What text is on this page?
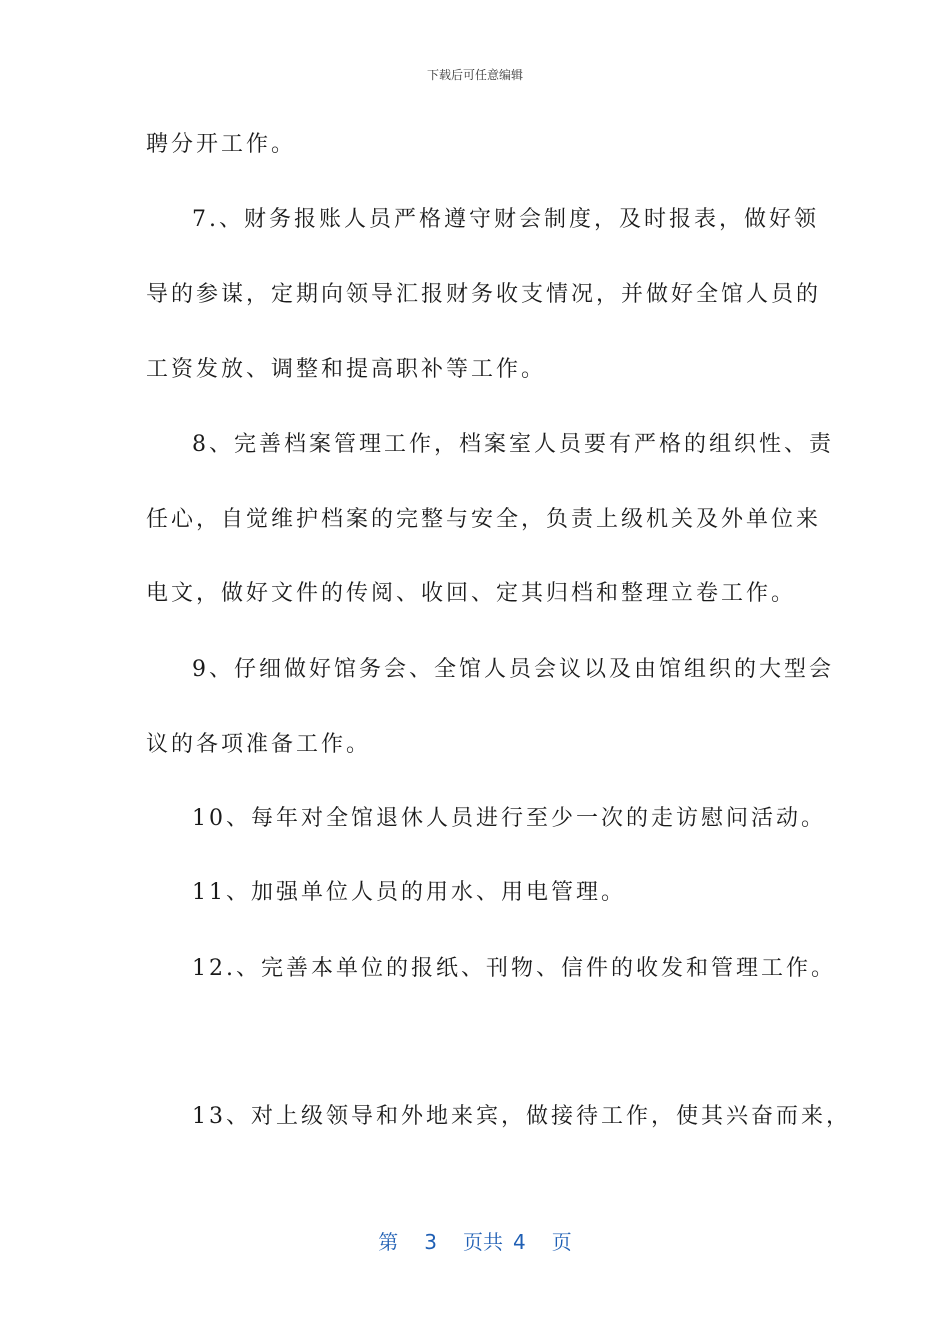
下载后可任意编辑
聘分开工作。
7.、财务报账人员严格遵守财会制度，及时报表，做好领
导的参谋，定期向领导汇报财务收支情况，并做好全馆人员的
工资发放、调整和提高职补等工作。
8、完善档案管理工作，档案室人员要有严格的组织性、责
任心，自觉维护档案的完整与安全，负责上级机关及外单位来
电文，做好文件的传阅、收回、定其归档和整理立卷工作。
9、仔细做好馆务会、全馆人员会议以及由馆组织的大型会
议的各项准备工作。
10、每年对全馆退休人员进行至少一次的走访慰问活动。
11、加强单位人员的用水、用电管理。
12.、完善本单位的报纸、刊物、信件的收发和管理工作。
13、对上级领导和外地来宾，做接待工作，使其兴奋而来，
第 3 页共 4 页
